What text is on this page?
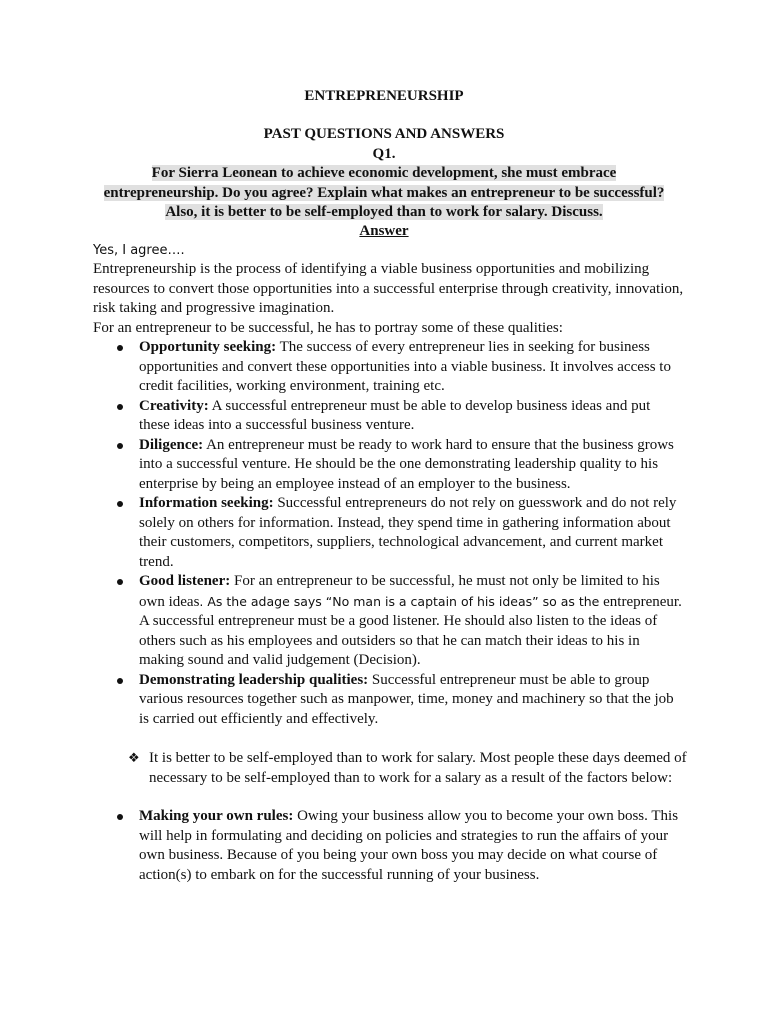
ENTREPRENEURSHIP
PAST QUESTIONS AND ANSWERS
Q1.
For Sierra Leonean to achieve economic development, she must embrace
entrepreneurship. Do you agree? Explain what makes an entrepreneur to be successful?
Also, it is better to be self-employed than to work for salary. Discuss.
Answer
Yes, I agree….
Entrepreneurship is the process of identifying a viable business opportunities and mobilizing resources to convert those opportunities into a successful enterprise through creativity, innovation, risk taking and progressive imagination.
For an entrepreneur to be successful, he has to portray some of these qualities:
Opportunity seeking: The success of every entrepreneur lies in seeking for business opportunities and convert these opportunities into a viable business. It involves access to credit facilities, working environment, training etc.
Creativity: A successful entrepreneur must be able to develop business ideas and put these ideas into a successful business venture.
Diligence: An entrepreneur must be ready to work hard to ensure that the business grows into a successful venture. He should be the one demonstrating leadership quality to his enterprise by being an employee instead of an employer to the business.
Information seeking: Successful entrepreneurs do not rely on guesswork and do not rely solely on others for information. Instead, they spend time in gathering information about their customers, competitors, suppliers, technological advancement, and current market trend.
Good listener: For an entrepreneur to be successful, he must not only be limited to his own ideas. As the adage says “No man is a captain of his ideas” so as the entrepreneur. A successful entrepreneur must be a good listener. He should also listen to the ideas of others such as his employees and outsiders so that he can match their ideas to his in making sound and valid judgement (Decision).
Demonstrating leadership qualities: Successful entrepreneur must be able to group various resources together such as manpower, time, money and machinery so that the job is carried out efficiently and effectively.
❖ It is better to be self-employed than to work for salary. Most people these days deemed of necessary to be self-employed than to work for a salary as a result of the factors below:
Making your own rules: Owing your business allow you to become your own boss. This will help in formulating and deciding on policies and strategies to run the affairs of your own business. Because of you being your own boss you may decide on what course of action(s) to embark on for the successful running of your business.
